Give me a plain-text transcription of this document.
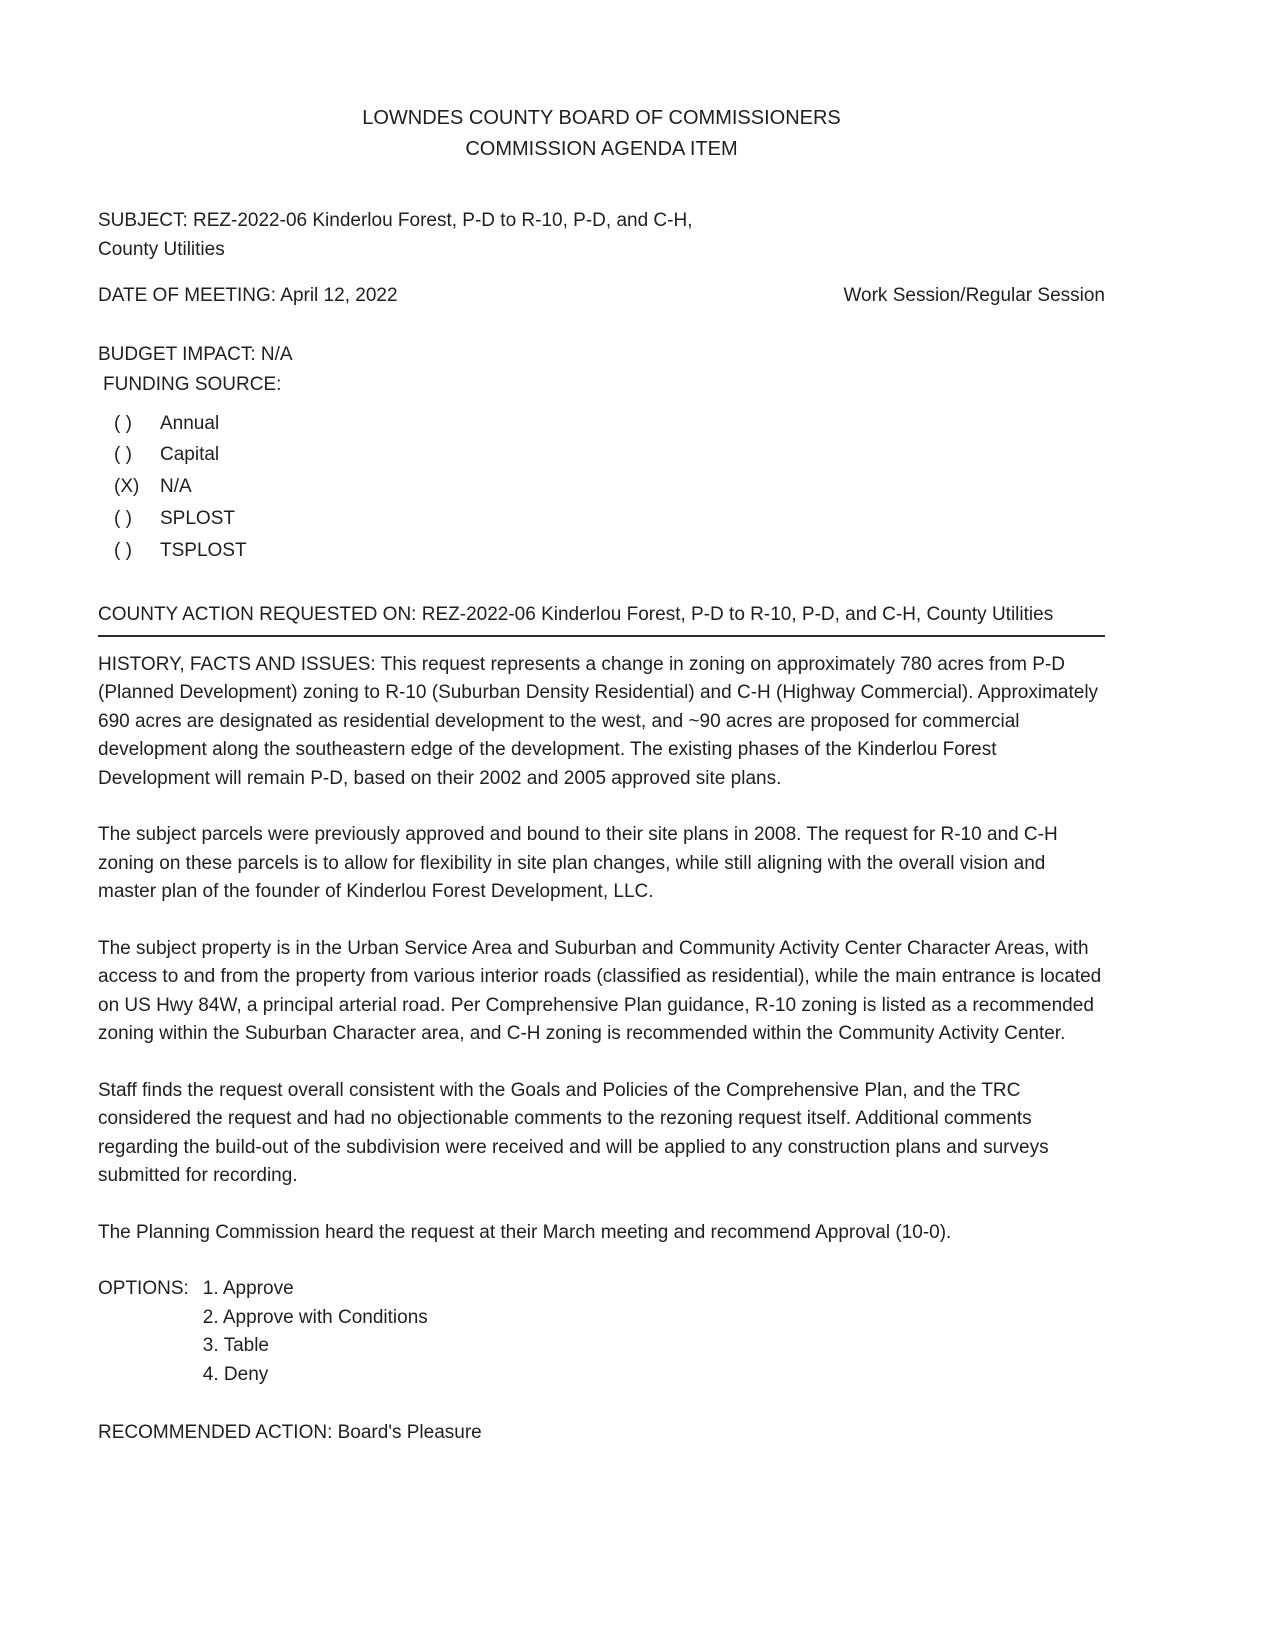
LOWNDES COUNTY BOARD OF COMMISSIONERS
COMMISSION AGENDA ITEM
SUBJECT: REZ-2022-06 Kinderlou Forest, P-D to R-10, P-D, and C-H,
County Utilities
DATE OF MEETING: April 12, 2022	Work Session/Regular Session
BUDGET IMPACT: N/A
FUNDING SOURCE:
( )	Annual
( )	Capital
(X)	N/A
( )	SPLOST
( )	TSPLOST
COUNTY ACTION REQUESTED ON: REZ-2022-06 Kinderlou Forest, P-D to R-10, P-D, and C-H, County Utilities

HISTORY, FACTS AND ISSUES: This request represents a change in zoning on approximately 780 acres from P-D (Planned Development) zoning to R-10 (Suburban Density Residential) and C-H (Highway Commercial). Approximately 690 acres are designated as residential development to the west, and ~90 acres are proposed for commercial development along the southeastern edge of the development. The existing phases of the Kinderlou Forest Development will remain P-D, based on their 2002 and 2005 approved site plans.

The subject parcels were previously approved and bound to their site plans in 2008. The request for R-10 and C-H zoning on these parcels is to allow for flexibility in site plan changes, while still aligning with the overall vision and master plan of the founder of Kinderlou Forest Development, LLC.

The subject property is in the Urban Service Area and Suburban and Community Activity Center Character Areas, with access to and from the property from various interior roads (classified as residential), while the main entrance is located on US Hwy 84W, a principal arterial road. Per Comprehensive Plan guidance, R-10 zoning is listed as a recommended zoning within the Suburban Character area, and C-H zoning is recommended within the Community Activity Center.

Staff finds the request overall consistent with the Goals and Policies of the Comprehensive Plan, and the TRC considered the request and had no objectionable comments to the rezoning request itself. Additional comments regarding the build-out of the subdivision were received and will be applied to any construction plans and surveys submitted for recording.

The Planning Commission heard the request at their March meeting and recommend Approval (10-0).

OPTIONS: 1. Approve
2. Approve with Conditions
3. Table
4. Deny
RECOMMENDED ACTION: Board's Pleasure
